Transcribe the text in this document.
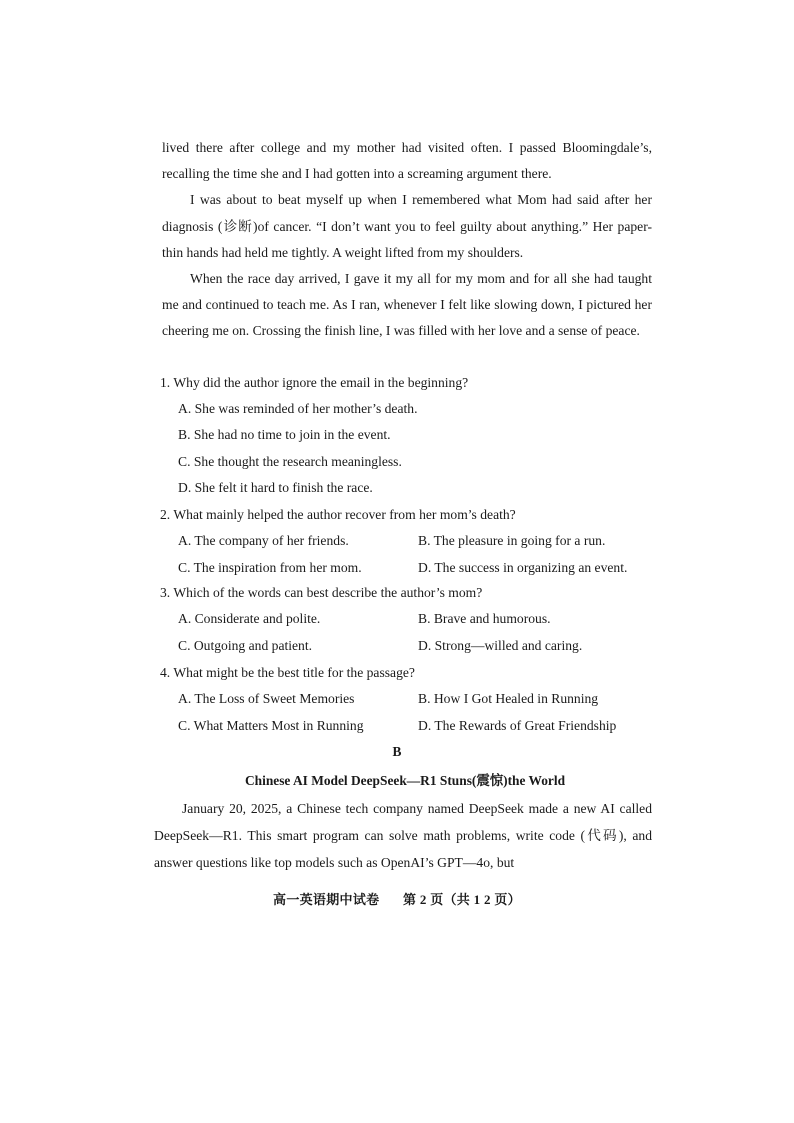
lived there after college and my mother had visited often. I passed Bloomingdale’s, recalling the time she and I had gotten into a screaming argument there.

I was about to beat myself up when I remembered what Mom had said after her diagnosis (诊断)of cancer. “I don’t want you to feel guilty about anything.” Her paper-thin hands had held me tightly. A weight lifted from my shoulders.

When the race day arrived, I gave it my all for my mom and for all she had taught me and continued to teach me. As I ran, whenever I felt like slowing down, I pictured her cheering me on. Crossing the finish line, I was filled with her love and a sense of peace.

1. Why did the author ignore the email in the beginning?

A. She was reminded of her mother’s death.
B. She had no time to join in the event.
C. She thought the research meaningless.
D. She felt it hard to finish the race.

2. What mainly helped the author recover from her mom’s death?

A. The company of her friends.	B. The pleasure in going for a run.
C. The inspiration from her mom.	D. The success in organizing an event.

3. Which of the words can best describe the author’s mom?

A. Considerate and polite.	B. Brave and humorous.
C. Outgoing and patient.	D. Strong—willed and caring.

4. What might be the best title for the passage?

A. The Loss of Sweet Memories	B. How I Got Healed in Running
C. What Matters Most in Running	D. The Rewards of Great Friendship
B
Chinese AI Model DeepSeek—R1 Stuns(震惊)the World

January 20, 2025, a Chinese tech company named DeepSeek made a new AI called DeepSeek—R1. This smart program can solve math problems, write code (代码), and answer questions like top models such as OpenAI’s GPT—4o, but

高一英语期中试卷 第 2 页（共 1 2 页）
